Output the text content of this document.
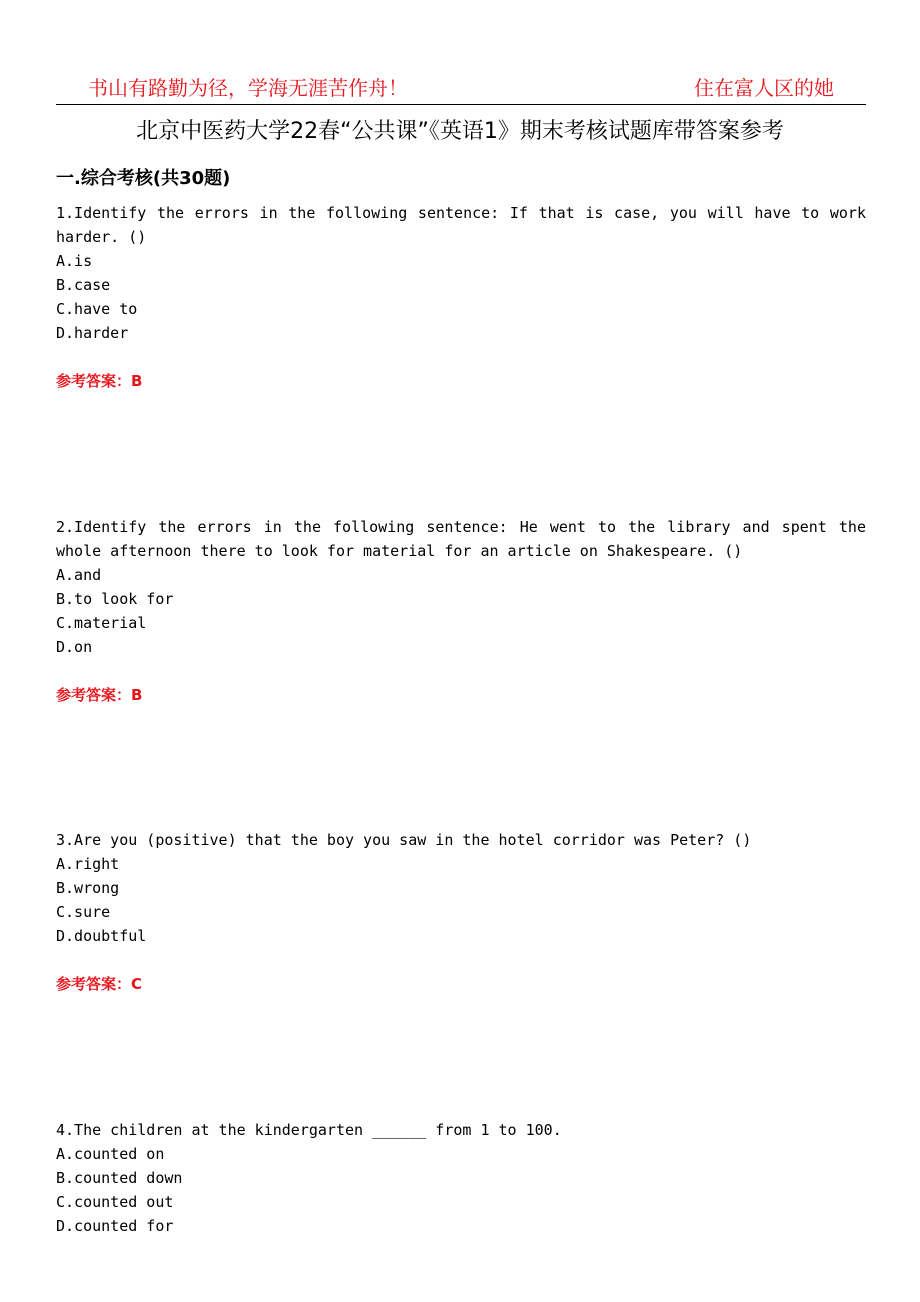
书山有路勤为径，学海无涯苦作舟！	住在富人区的她
北京中医药大学22春“公共课”《英语1》期末考核试题库带答案参考
一.综合考核(共30题)

1.Identify the errors in the following sentence: If that is case, you will have to work harder. ()

A.is

B.case

C.have to

D.harder

参考答案：B

2.Identify the errors in the following sentence: He went to the library and spent the whole afternoon there to look for material for an article on Shakespeare. ()

A.and

B.to look for

C.material

D.on

参考答案：B

3.Are you (positive) that the boy you saw in the hotel corridor was Peter? ()

A.right

B.wrong

C.sure

D.doubtful

参考答案：C

4.The children at the kindergarten ______ from 1 to 100.

A.counted on

B.counted down

C.counted out

D.counted for
